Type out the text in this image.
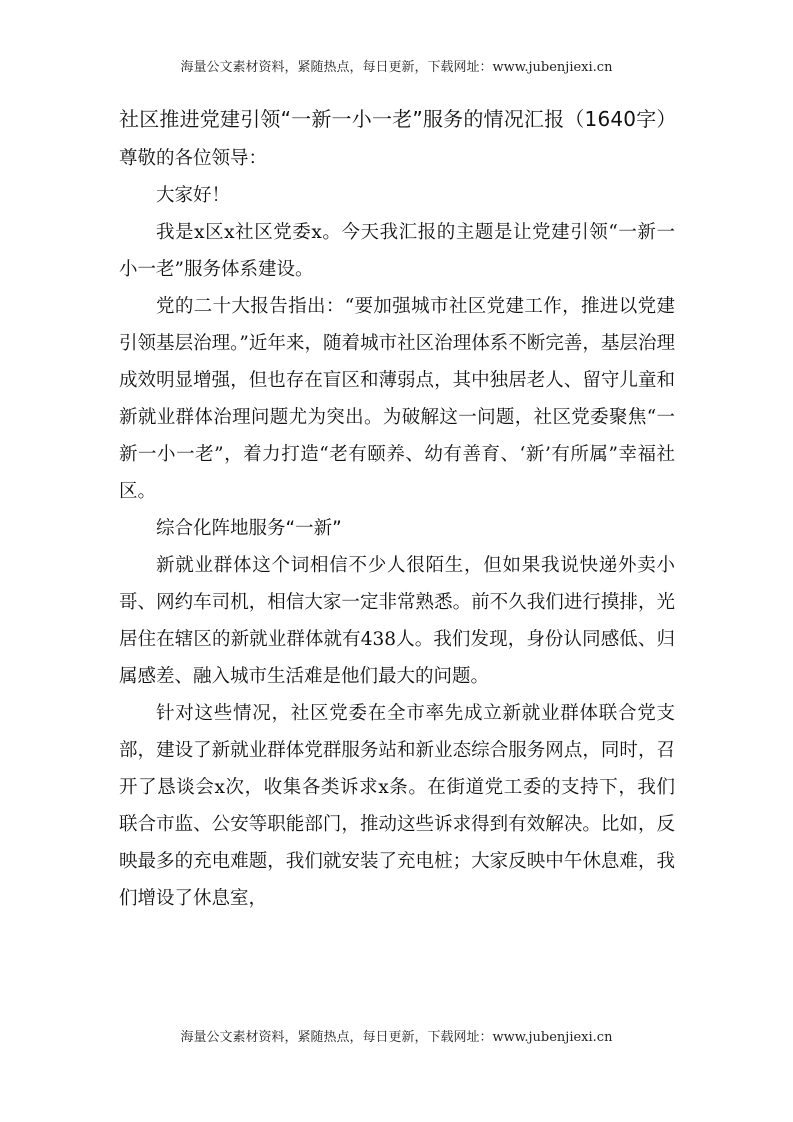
海量公文素材资料，紧随热点，每日更新，下载网址：www.jubenjiexi.cn
社区推进党建引领“一新一小一老”服务的情况汇报（1640字）

尊敬的各位领导：

大家好！

我是x区x社区党委x。今天我汇报的主题是让党建引领“一新一小一老”服务体系建设。

党的二十大报告指出：“要加强城市社区党建工作，推进以党建引领基层治理。”近年来，随着城市社区治理体系不断完善，基层治理成效明显增强，但也存在盲区和薄弱点，其中独居老人、留守儿童和新就业群体治理问题尤为突出。为破解这一问题，社区党委聚焦“一新一小一老”，着力打造“老有颐养、幼有善育、‘新’有所属”幸福社区。

综合化阵地服务“一新”

新就业群体这个词相信不少人很陌生，但如果我说快递外卖小哥、网约车司机，相信大家一定非常熟悉。前不久我们进行摸排，光居住在辖区的新就业群体就有438人。我们发现，身份认同感低、归属感差、融入城市生活难是他们最大的问题。

针对这些情况，社区党委在全市率先成立新就业群体联合党支部，建设了新就业群体党群服务站和新业态综合服务网点，同时，召开了恳谈会x次，收集各类诉求x条。在街道党工委的支持下，我们联合市监、公安等职能部门，推动这些诉求得到有效解决。比如，反映最多的充电难题，我们就安装了充电桩；大家反映中午休息难，我们增设了休息室，

海量公文素材资料，紧随热点，每日更新，下载网址：www.jubenjiexi.cn
